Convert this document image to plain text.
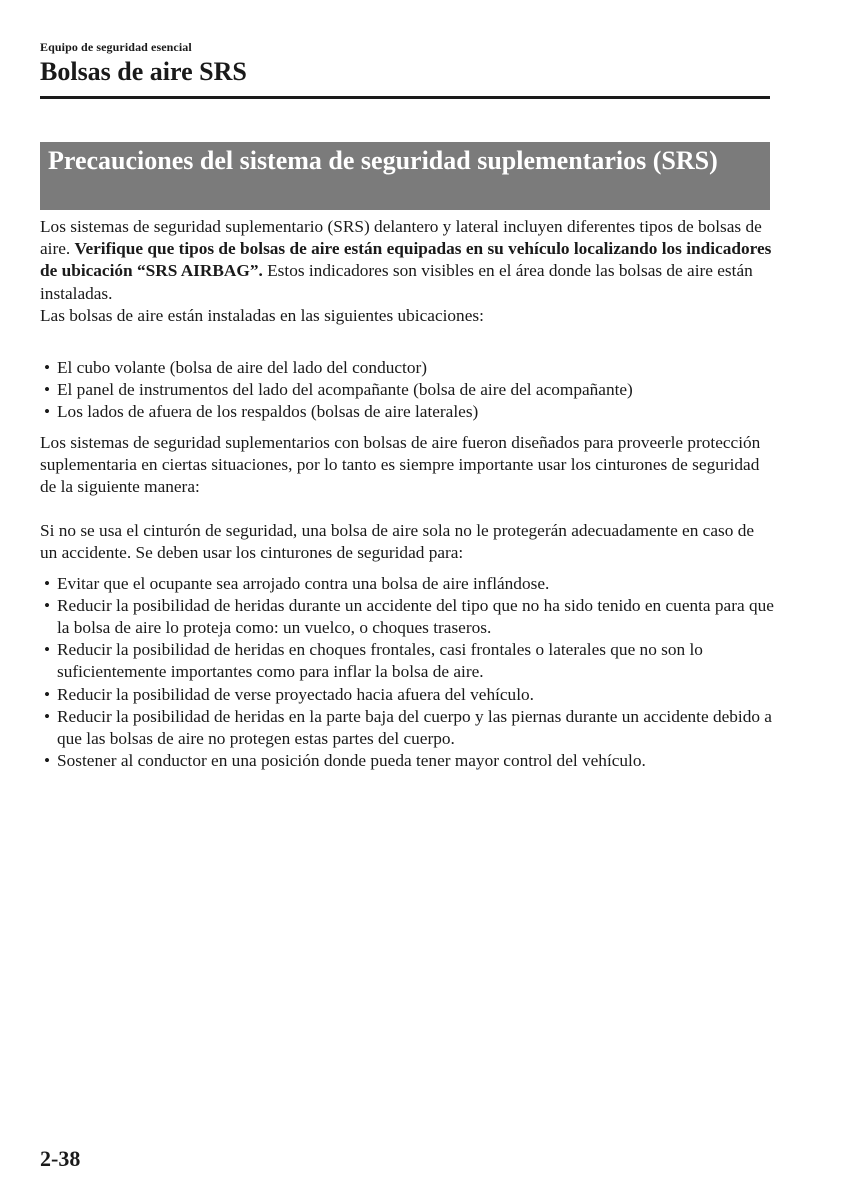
Equipo de seguridad esencial
Bolsas de aire SRS
Precauciones del sistema de seguridad suplementarios (SRS)

Los sistemas de seguridad suplementario (SRS) delantero y lateral incluyen diferentes tipos de bolsas de aire. Verifique que tipos de bolsas de aire están equipadas en su vehículo localizando los indicadores de ubicación “SRS AIRBAG”. Estos indicadores son visibles en el área donde las bolsas de aire están instaladas.

Las bolsas de aire están instaladas en las siguientes ubicaciones:

• El cubo volante (bolsa de aire del lado del conductor)
• El panel de instrumentos del lado del acompañante (bolsa de aire del acompañante)
• Los lados de afuera de los respaldos (bolsas de aire laterales)

Los sistemas de seguridad suplementarios con bolsas de aire fueron diseñados para proveerle protección suplementaria en ciertas situaciones, por lo tanto es siempre importante usar los cinturones de seguridad de la siguiente manera:

Si no se usa el cinturón de seguridad, una bolsa de aire sola no le protegerán adecuadamente en caso de un accidente. Se deben usar los cinturones de seguridad para:

• Evitar que el ocupante sea arrojado contra una bolsa de aire inflándose.
• Reducir la posibilidad de heridas durante un accidente del tipo que no ha sido tenido en cuenta para que la bolsa de aire lo proteja como: un vuelco, o choques traseros.
• Reducir la posibilidad de heridas en choques frontales, casi frontales o laterales que no son lo suficientemente importantes como para inflar la bolsa de aire.
• Reducir la posibilidad de verse proyectado hacia afuera del vehículo.
• Reducir la posibilidad de heridas en la parte baja del cuerpo y las piernas durante un accidente debido a que las bolsas de aire no protegen estas partes del cuerpo.
• Sostener al conductor en una posición donde pueda tener mayor control del vehículo.
2-38
